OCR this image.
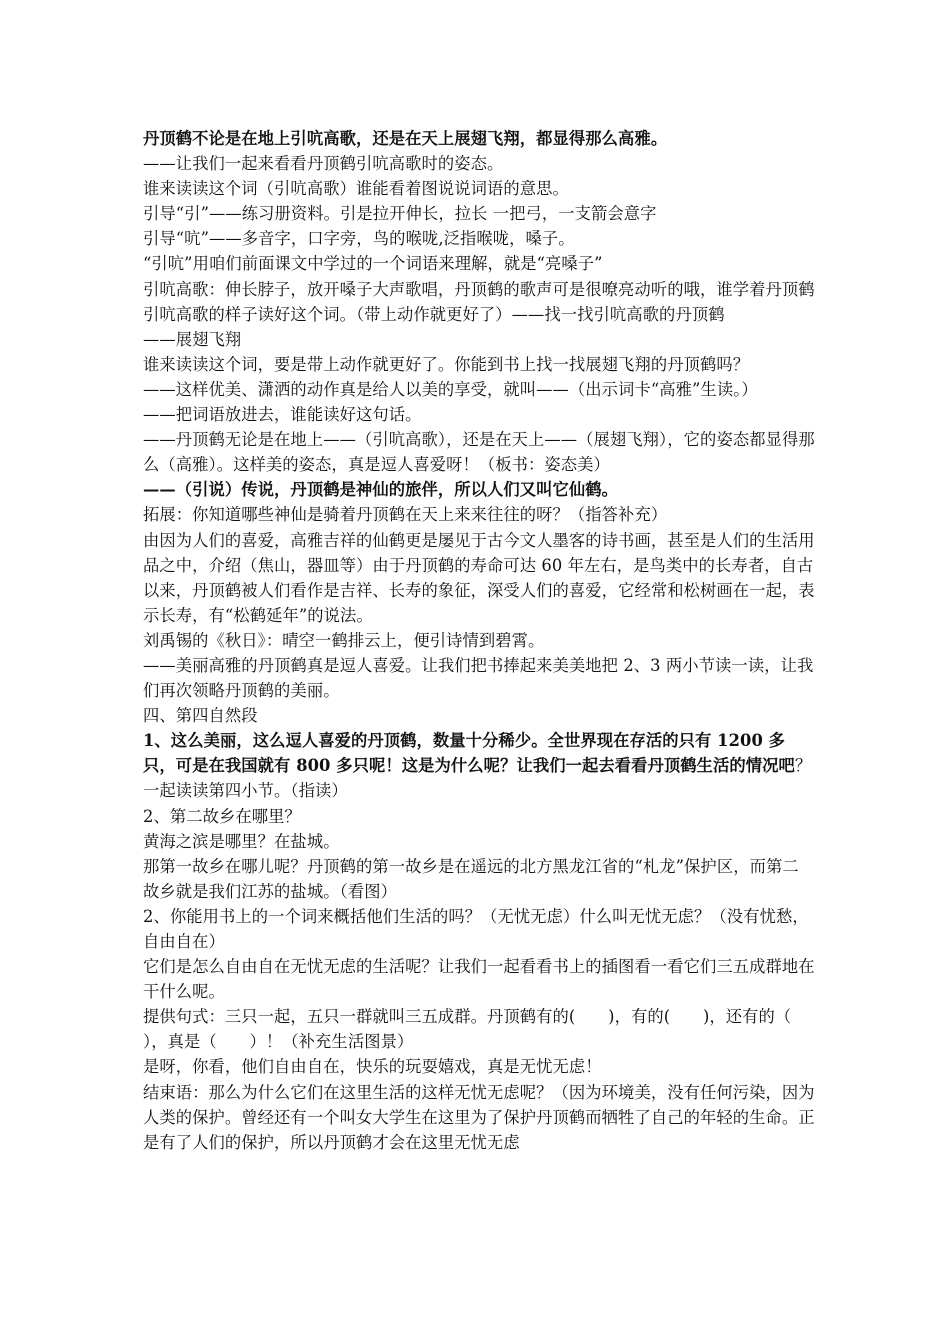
丹顶鹤不论是在地上引吭高歌，还是在天上展翅飞翔，都显得那么高雅。

——让我们一起来看看丹顶鹤引吭高歌时的姿态。

谁来读读这个词（引吭高歌）谁能看着图说说词语的意思。

引导“引”——练习册资料。引是拉开伸长，拉长 一把弓，一支箭会意字

引导“吭”——多音字，口字旁，鸟的喉咙,泛指喉咙，嗓子。

“引吭”用咱们前面课文中学过的一个词语来理解，就是“亮嗓子”

引吭高歌：伸长脖子，放开嗓子大声歌唱，丹顶鹤的歌声可是很嘹亮动听的哦，谁学着丹顶鹤引吭高歌的样子读好这个词。（带上动作就更好了）——找一找引吭高歌的丹顶鹤

——展翅飞翔

谁来读读这个词，要是带上动作就更好了。你能到书上找一找展翅飞翔的丹顶鹤吗？

——这样优美、潇洒的动作真是给人以美的享受，就叫——（出示词卡“高雅”生读。）

——把词语放进去，谁能读好这句话。

——丹顶鹤无论是在地上——（引吭高歌），还是在天上——（展翅飞翔），它的姿态都显得那么（高雅）。这样美的姿态，真是逗人喜爱呀！（板书：姿态美）

——（引说）传说，丹顶鹤是神仙的旅伴，所以人们又叫它仙鹤。

拓展：你知道哪些神仙是骑着丹顶鹤在天上来来往往的呀？（指答补充）

由因为人们的喜爱，高雅吉祥的仙鹤更是屡见于古今文人墨客的诗书画，甚至是人们的生活用品之中，介绍（焦山，器皿等）由于丹顶鹤的寿命可达 60 年左右，是鸟类中的长寿者，自古以来，丹顶鹤被人们看作是吉祥、长寿的象征，深受人们的喜爱，它经常和松树画在一起，表示长寿，有“松鹤延年”的说法。

刘禹锡的《秋日》：晴空一鹤排云上，便引诗情到碧霄。

——美丽高雅的丹顶鹤真是逗人喜爱。让我们把书捧起来美美地把 2、3 两小节读一读，让我们再次领略丹顶鹤的美丽。

四、第四自然段

1、这么美丽，这么逗人喜爱的丹顶鹤，数量十分稀少。全世界现在存活的只有 1200 多只，可是在我国就有 800 多只呢！这是为什么呢？让我们一起去看看丹顶鹤生活的情况吧？一起读读第四小节。（指读）

2、第二故乡在哪里？

黄海之滨是哪里？在盐城。

那第一故乡在哪儿呢？丹顶鹤的第一故乡是在遥远的北方黑龙江省的“札龙”保护区，而第二故乡就是我们江苏的盐城。（看图）

2、你能用书上的一个词来概括他们生活的吗？（无忧无虑）什么叫无忧无虑？（没有忧愁，自由自在）

它们是怎么自由自在无忧无虑的生活呢？让我们一起看看书上的插图看一看它们三五成群地在干什么呢。

提供句式：三只一起，五只一群就叫三五成群。丹顶鹤有的(　　)，有的(　　)，还有的（　　），真是（　　）！（补充生活图景）

是呀，你看，他们自由自在，快乐的玩耍嬉戏，真是无忧无虑！

结束语：那么为什么它们在这里生活的这样无忧无虑呢？（因为环境美，没有任何污染，因为人类的保护。曾经还有一个叫女大学生在这里为了保护丹顶鹤而牺牲了自己的年轻的生命。正是有了人们的保护，所以丹顶鹤才会在这里无忧无虑
